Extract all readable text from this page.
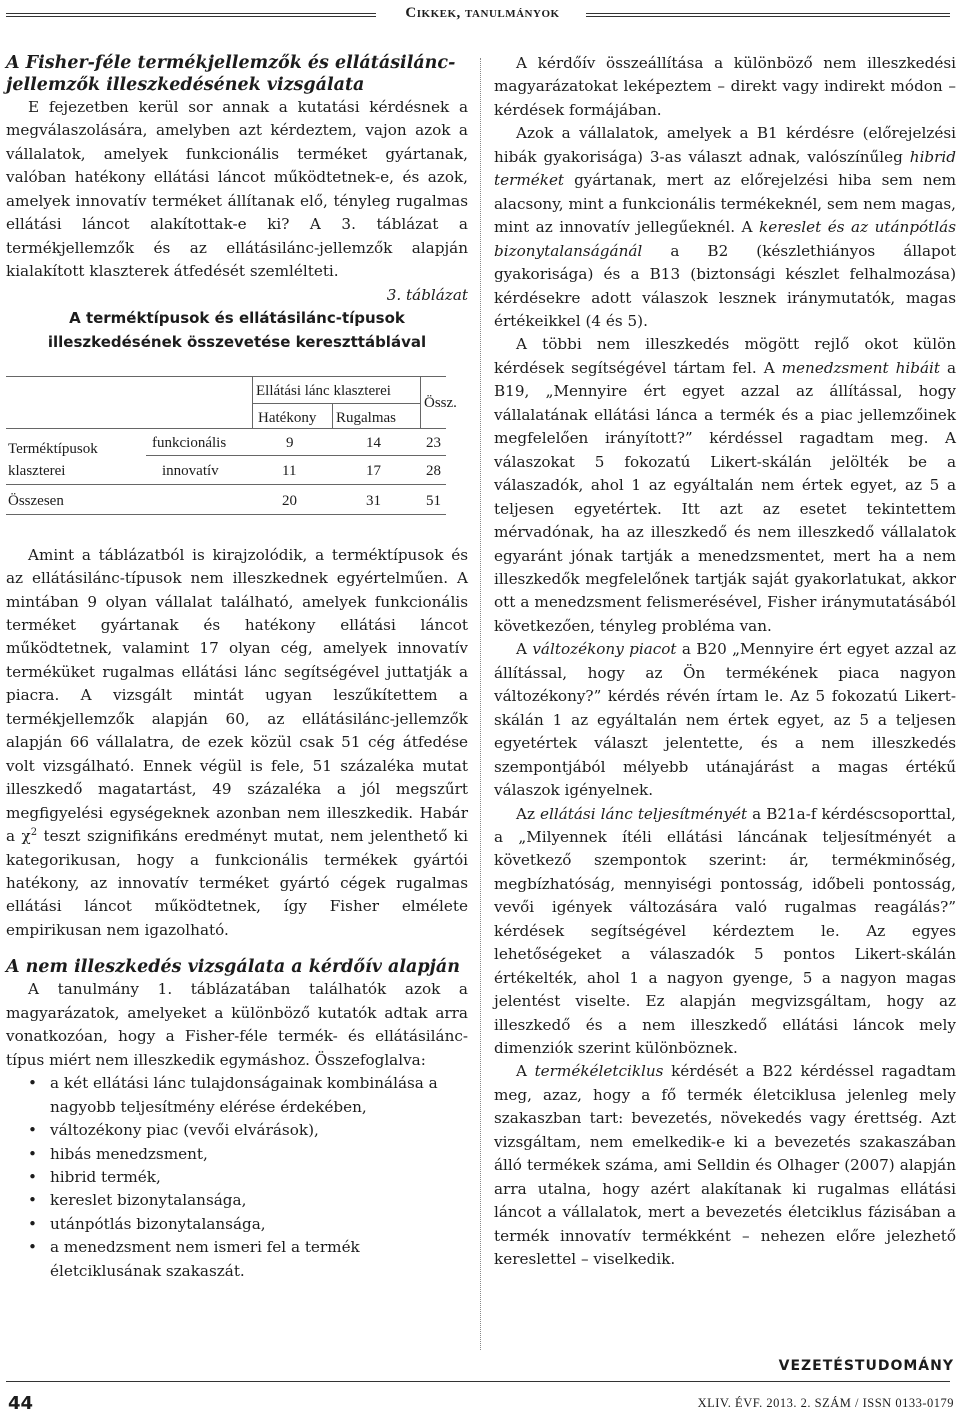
Cikkek, tanulmányok
A Fisher-féle termékjellemzők és ellátásilánc-jellemzők illeszkedésének vizsgálata

E fejezetben kerül sor annak a kutatási kérdésnek a megválaszolására, amelyben azt kérdeztem, vajon azok a vállalatok, amelyek funkcionális terméket gyártanak, valóban hatékony ellátási láncot működtetnek-e, és azok, amelyek innovatív terméket állítanak elő, tényleg rugalmas ellátási láncot alakítottak-e ki? A 3. táblázat a termékjellemzők és az ellátásilánc-jellemzők alapján kialakított klaszterek átfedését szemlélteti.

3. táblázat
A terméktípusok és ellátásilánc-típusok illeszkedésének összevetése kereszttáblával
Ellátási lánc klaszterei
Össz.
Hatékony Rugalmas
Terméktípusok
klaszterei
funkcionális	9	14	23
innovatív	11	17	28
Összesen	20	31	51

Amint a táblázatból is kirajzolódik, a terméktípusok és az ellátásilánc-típusok nem illeszkednek egyértelműen. A mintában 9 olyan vállalat található, amelyek funkcionális terméket gyártanak és hatékony ellátási láncot működtetnek, valamint 17 olyan cég, amelyek innovatív terméküket rugalmas ellátási lánc segítségével juttatják a piacra. A vizsgált mintát ugyan leszűkítettem a termékjellemzők alapján 60, az ellátásilánc-jellemzők alapján 66 vállalatra, de ezek közül csak 51 cég átfedése volt vizsgálható. Ennek végül is fele, 51 százaléka mutat illeszkedő magatartást, 49 százaléka a jól megszűrt megfigyelési egységeknek azonban nem illeszkedik. Habár a $\chi^2$ teszt szignifikáns eredményt mutat, nem jelenthető ki kategorikusan, hogy a funkcionális termékek gyártói hatékony, az innovatív terméket gyártó cégek rugalmas ellátási láncot működtetnek, így Fisher elmélete empirikusan nem igazolható.

A nem illeszkedés vizsgálata a kérdőív alapján

A tanulmány 1. táblázatában találhatók azok a magyarázatok, amelyeket a különböző kutatók adtak arra vonatkozóan, hogy a Fisher-féle termék- és ellátásilánc-típus miért nem illeszkedik egymáshoz. Összefoglalva:

• a két ellátási lánc tulajdonságainak kombinálása a nagyobb teljesítmény elérése érdekében,
• változékony piac (vevői elvárások),
• hibás menedzsment,
• hibrid termék,
• kereslet bizonytalansága,
• utánpótlás bizonytalansága,
• a menedzsment nem ismeri fel a termék életciklusának szakaszát.

A kérdőív összeállítása a különböző nem illeszkedési magyarázatokat leképeztem – direkt vagy indirekt módon – kérdések formájában.

Azok a vállalatok, amelyek a B1 kérdésre (előrejelzési hibák gyakorisága) 3-as választ adnak, valószínűleg hibrid terméket gyártanak, mert az előrejelzési hiba sem nem alacsony, mint a funkcionális termékeknél, sem nem magas, mint az innovatív jellegűeknél. A kereslet és az utánpótlás bizonytalanságánál a B2 (készlethiányos állapot gyakorisága) és a B13 (biztonsági készlet felhalmozása) kérdésekre adott válaszok lesznek iránymutatók, magas értékeikkel (4 és 5).

A többi nem illeszkedés mögött rejlő okot külön kérdések segítségével tártam fel. A menedzsment hibáit a B19, „Mennyire ért egyet azzal az állítással, hogy vállalatának ellátási lánca a termék és a piac jellemzőinek megfelelően irányított?” kérdéssel ragadtam meg. A válaszokat 5 fokozatú Likert-skálán jelölték be a válaszadók, ahol 1 az egyáltalán nem értek egyet, az 5 a teljesen egyetértek. Itt azt az esetet tekintettem mérvadónak, ha az illeszkedő és nem illeszkedő vállalatok egyaránt jónak tartják a menedzsmentet, mert ha a nem illeszkedők megfelelőnek tartják saját gyakorlatukat, akkor ott a menedzsment felismerésével, Fisher iránymutatásából következően, tényleg probléma van.

A változékony piacot a B20 „Mennyire ért egyet azzal az állítással, hogy az Ön termékének piaca nagyon változékony?” kérdés révén írtam le. Az 5 fokozatú Likert-skálán 1 az egyáltalán nem értek egyet, az 5 a teljesen egyetértek választ jelentette, és a nem illeszkedés szempontjából mélyebb utánajárást a magas értékű válaszok igényelnek.

Az ellátási lánc teljesítményét a B21a-f kérdéscsoporttal, a „Milyennek ítéli ellátási láncának teljesítményét a következő szempontok szerint: ár, termékminőség, megbízhatóság, mennyiségi pontosság, időbeli pontosság, vevői igények változására való rugalmas reagálás?” kérdések segítségével kérdeztem le. Az egyes lehetőségeket a válaszadók 5 pontos Likert-skálán értékelték, ahol 1 a nagyon gyenge, 5 a nagyon magas jelentést viselte. Ez alapján megvizsgáltam, hogy az illeszkedő és a nem illeszkedő ellátási láncok mely dimenziók szerint különböznek.

A termékéletciklus kérdését a B22 kérdéssel ragadtam meg, azaz, hogy a fő termék életciklusa jelenleg mely szakaszban tart: bevezetés, növekedés vagy érettség. Azt vizsgáltam, nem emelkedik-e ki a bevezetés szakaszában álló termékek száma, ami Selldin és Olhager (2007) alapján arra utalna, hogy azért alakítanak ki rugalmas ellátási láncot a vállalatok, mert a bevezetés életciklus fázisában a termék innovatív termékként – nehezen előre jelezhető kereslettel – viselkedik.

VEZETÉSTUDOMÁNY
44	XLIV. ÉVF. 2013. 2. SZÁM / ISSN 0133-0179
